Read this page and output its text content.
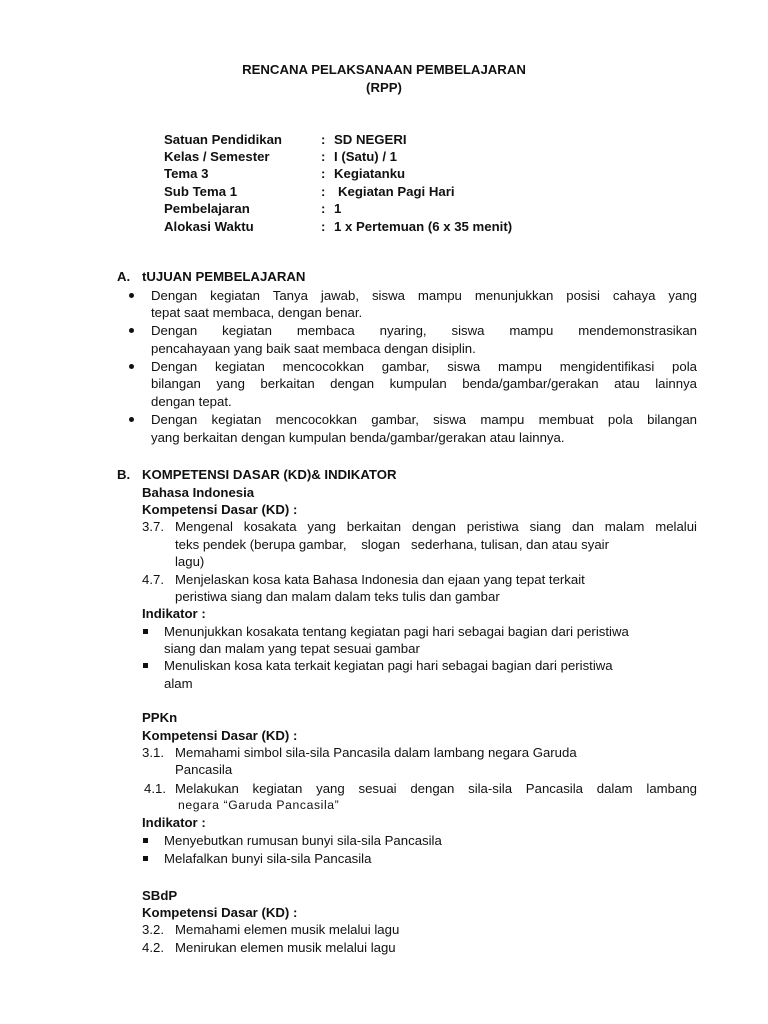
RENCANA PELAKSANAAN PEMBELAJARAN
(RPP)
Satuan Pendidikan	: SD NEGERI
Kelas / Semester	: I (Satu) / 1
Tema 3	: Kegiatanku
Sub Tema 1	: Kegiatan Pagi Hari
Pembelajaran	: 1
Alokasi Waktu	: 1 x Pertemuan (6 x 35 menit)
A. tUJUAN PEMBELAJARAN
Dengan kegiatan Tanya jawab, siswa mampu menunjukkan posisi cahaya yang
tepat saat membaca, dengan benar.
Dengan kegiatan membaca nyaring, siswa mampu mendemonstrasikan
pencahayaan yang baik saat membaca dengan disiplin.
Dengan kegiatan mencocokkan gambar, siswa mampu mengidentifikasi pola
bilangan yang berkaitan dengan kumpulan benda/gambar/gerakan atau lainnya
dengan tepat.
Dengan kegiatan mencocokkan gambar, siswa mampu membuat pola bilangan
yang berkaitan dengan kumpulan benda/gambar/gerakan atau lainnya.
B. KOMPETENSI DASAR (KD)& INDIKATOR
Bahasa Indonesia
Kompetensi Dasar (KD) :
3.7. Mengenal kosakata yang berkaitan dengan peristiwa siang dan malam melalui
teks pendek (berupa gambar,    slogan   sederhana, tulisan, dan atau syair
lagu)
4.7. Menjelaskan kosa kata Bahasa Indonesia dan ejaan yang tepat terkait
peristiwa siang dan malam dalam teks tulis dan gambar
Indikator :
Menunjukkan kosakata tentang kegiatan pagi hari sebagai bagian dari peristiwa
siang dan malam yang tepat sesuai gambar
Menuliskan kosa kata terkait kegiatan pagi hari sebagai bagian dari peristiwa
alam
PPKn
Kompetensi Dasar (KD) :
3.1. Memahami simbol sila-sila Pancasila dalam lambang negara Garuda
Pancasila
4.1. Melakukan kegiatan yang sesuai dengan sila-sila Pancasila dalam lambang
negara “Garuda Pancasila”
Indikator :
Menyebutkan rumusan bunyi sila-sila Pancasila
Melafalkan bunyi sila-sila Pancasila
SBdP
Kompetensi Dasar (KD) :
3.2. Memahami elemen musik melalui lagu
4.2. Menirukan elemen musik melalui lagu
